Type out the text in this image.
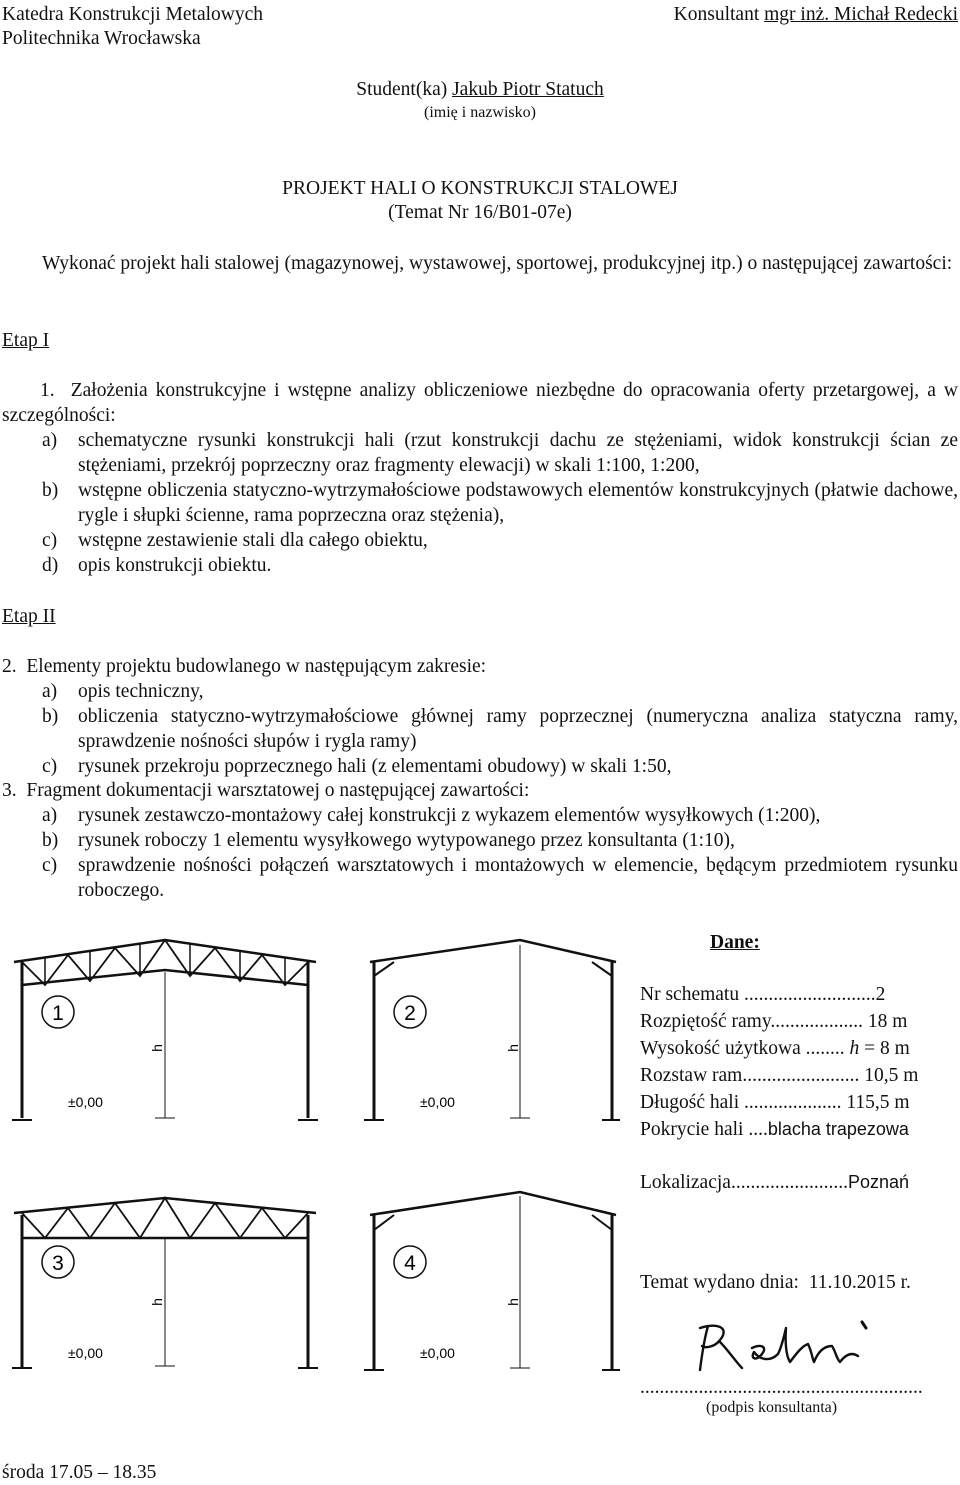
Katedra Konstrukcji Metalowych
Politechnika Wrocławska
Konsultant mgr inż. Michał Redecki
Student(ka) Jakub Piotr Statuch
(imię i nazwisko)
PROJEKT HALI O KONSTRUKCJI STALOWEJ
(Temat Nr 16/B01-07e)
Wykonać projekt hali stalowej (magazynowej, wystawowej, sportowej, produkcyjnej itp.) o następującej zawartości:
Etap I
1. Założenia konstrukcyjne i wstępne analizy obliczeniowe niezbędne do opracowania oferty przetargowej, a w szczególności:
a) schematyczne rysunki konstrukcji hali (rzut konstrukcji dachu ze stężeniami, widok konstrukcji ścian ze stężeniami, przekrój poprzeczny oraz fragmenty elewacji) w skali 1:100, 1:200,
b) wstępne obliczenia statyczno-wytrzymałościowe podstawowych elementów konstrukcyjnych (płatwie dachowe, rygle i słupki ścienne, rama poprzeczna oraz stężenia),
c) wstępne zestawienie stali dla całego obiektu,
d) opis konstrukcji obiektu.
Etap II
2. Elementy projektu budowlanego w następującym zakresie:
a) opis techniczny,
b) obliczenia statyczno-wytrzymałościowe głównej ramy poprzecznej (numeryczna analiza statyczna ramy, sprawdzenie nośności słupów i rygla ramy)
c) rysunek przekroju poprzecznego hali (z elementami obudowy) w skali 1:50,
3. Fragment dokumentacji warsztatowej o następującej zawartości:
a) rysunek zestawczo-montażowy całej konstrukcji z wykazem elementów wysyłkowych (1:200),
b) rysunek roboczy 1 elementu wysyłkowego wytypowanego przez konsultanta (1:10),
c) sprawdzenie nośności połączeń warsztatowych i montażowych w elemencie, będącym przedmiotem rysunku roboczego.
1
h
±0,00
2
h
±0,00
3
h
±0,00
4
h
±0,00
Dane:
Nr schematu ...........................2
Rozpiętość ramy................... 18 m
Wysokość użytkowa ........ h = 8 m
Rozstaw ram........................ 10,5 m
Długość hali .................... 115,5 m
Pokrycie hali ....blacha trapezowa
Lokalizacja........................Poznań
Temat wydano dnia: 11.10.2015 r.
..........................................................
(podpis konsultanta)
środa 17.05 – 18.35
